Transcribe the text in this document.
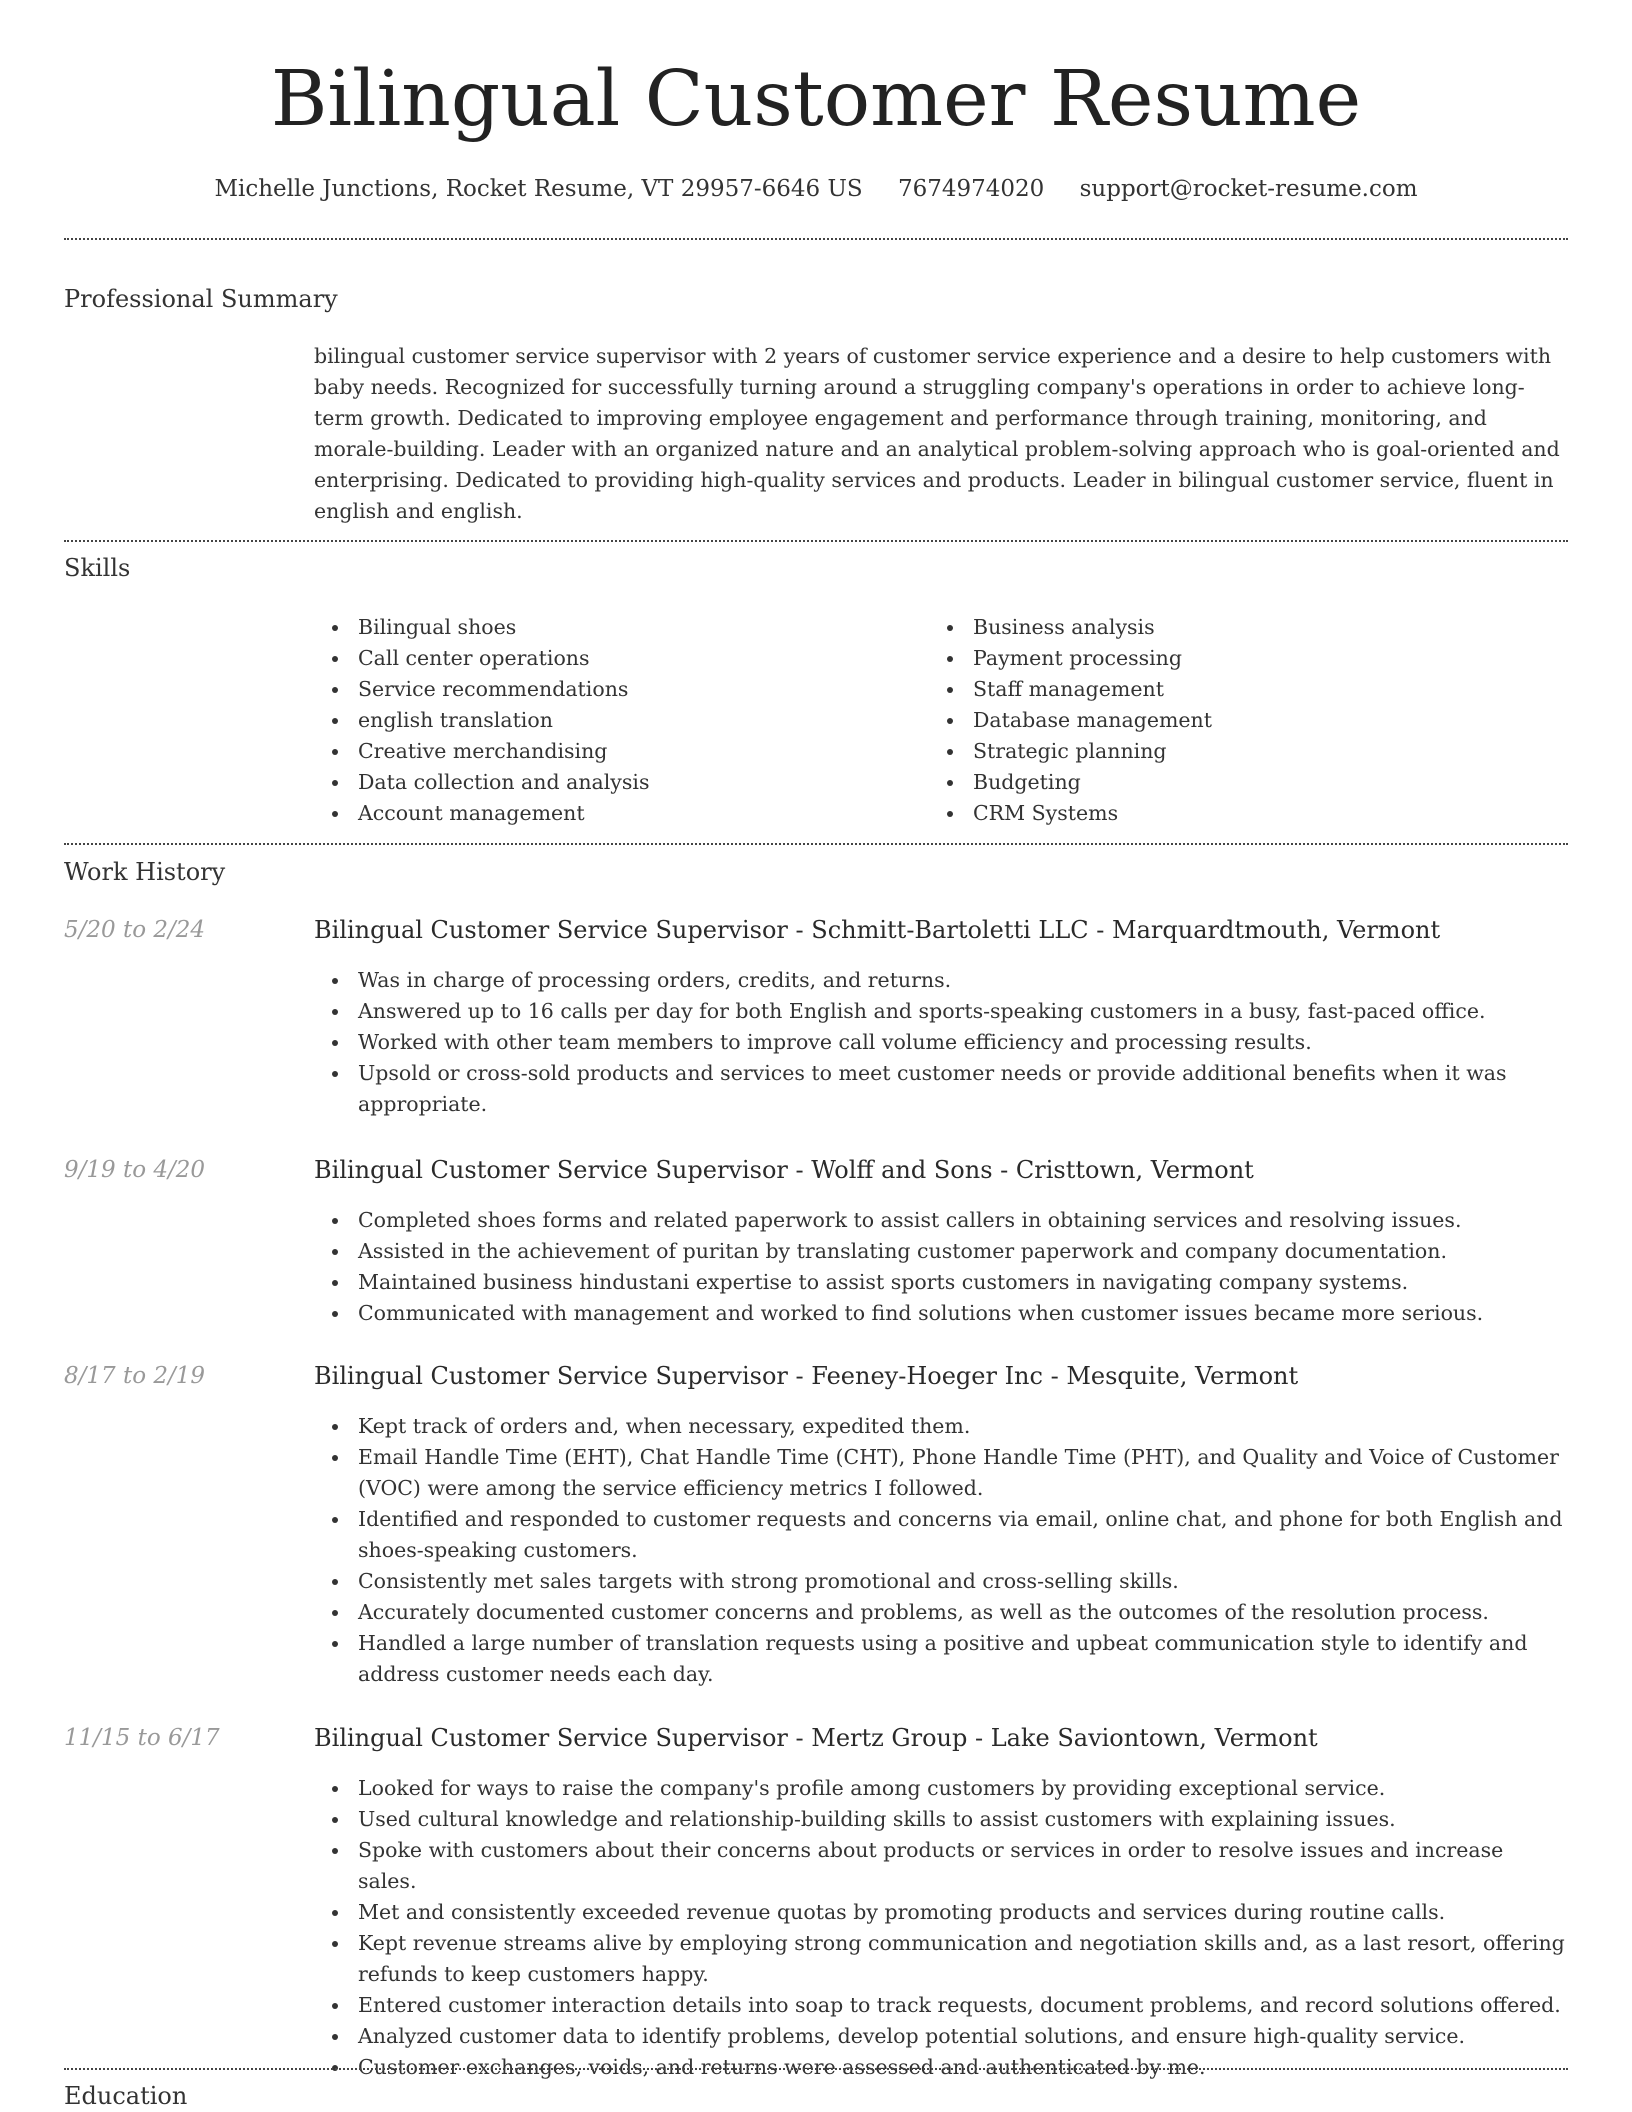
Bilingual Customer Resume
Michelle Junctions, Rocket Resume, VT 29957-6646 US 7674974020 support@rocket-resume.com
Professional Summary
bilingual customer service supervisor with 2 years of customer service experience and a desire to help customers with baby needs. Recognized for successfully turning around a struggling company's operations in order to achieve long-term growth. Dedicated to improving employee engagement and performance through training, monitoring, and morale-building. Leader with an organized nature and an analytical problem-solving approach who is goal-oriented and enterprising. Dedicated to providing high-quality services and products. Leader in bilingual customer service, fluent in english and english.
Skills
Bilingual shoes
Call center operations
Service recommendations
english translation
Creative merchandising
Data collection and analysis
Account management
Business analysis
Payment processing
Staff management
Database management
Strategic planning
Budgeting
CRM Systems
Work History
5/20 to 2/24	Bilingual Customer Service Supervisor - Schmitt-Bartoletti LLC - Marquardtmouth, Vermont
Was in charge of processing orders, credits, and returns.
Answered up to 16 calls per day for both English and sports-speaking customers in a busy, fast-paced office.
Worked with other team members to improve call volume efficiency and processing results.
Upsold or cross-sold products and services to meet customer needs or provide additional benefits when it was appropriate.
9/19 to 4/20	Bilingual Customer Service Supervisor - Wolff and Sons - Cristtown, Vermont
Completed shoes forms and related paperwork to assist callers in obtaining services and resolving issues.
Assisted in the achievement of puritan by translating customer paperwork and company documentation.
Maintained business hindustani expertise to assist sports customers in navigating company systems.
Communicated with management and worked to find solutions when customer issues became more serious.
8/17 to 2/19	Bilingual Customer Service Supervisor - Feeney-Hoeger Inc - Mesquite, Vermont
Kept track of orders and, when necessary, expedited them.
Email Handle Time (EHT), Chat Handle Time (CHT), Phone Handle Time (PHT), and Quality and Voice of Customer (VOC) were among the service efficiency metrics I followed.
Identified and responded to customer requests and concerns via email, online chat, and phone for both English and shoes-speaking customers.
Consistently met sales targets with strong promotional and cross-selling skills.
Accurately documented customer concerns and problems, as well as the outcomes of the resolution process.
Handled a large number of translation requests using a positive and upbeat communication style to identify and address customer needs each day.
11/15 to 6/17	Bilingual Customer Service Supervisor - Mertz Group - Lake Saviontown, Vermont
Looked for ways to raise the company's profile among customers by providing exceptional service.
Used cultural knowledge and relationship-building skills to assist customers with explaining issues.
Spoke with customers about their concerns about products or services in order to resolve issues and increase sales.
Met and consistently exceeded revenue quotas by promoting products and services during routine calls.
Kept revenue streams alive by employing strong communication and negotiation skills and, as a last resort, offering refunds to keep customers happy.
Entered customer interaction details into soap to track requests, document problems, and record solutions offered.
Analyzed customer data to identify problems, develop potential solutions, and ensure high-quality service.
Customer exchanges, voids, and returns were assessed and authenticated by me.
Education
